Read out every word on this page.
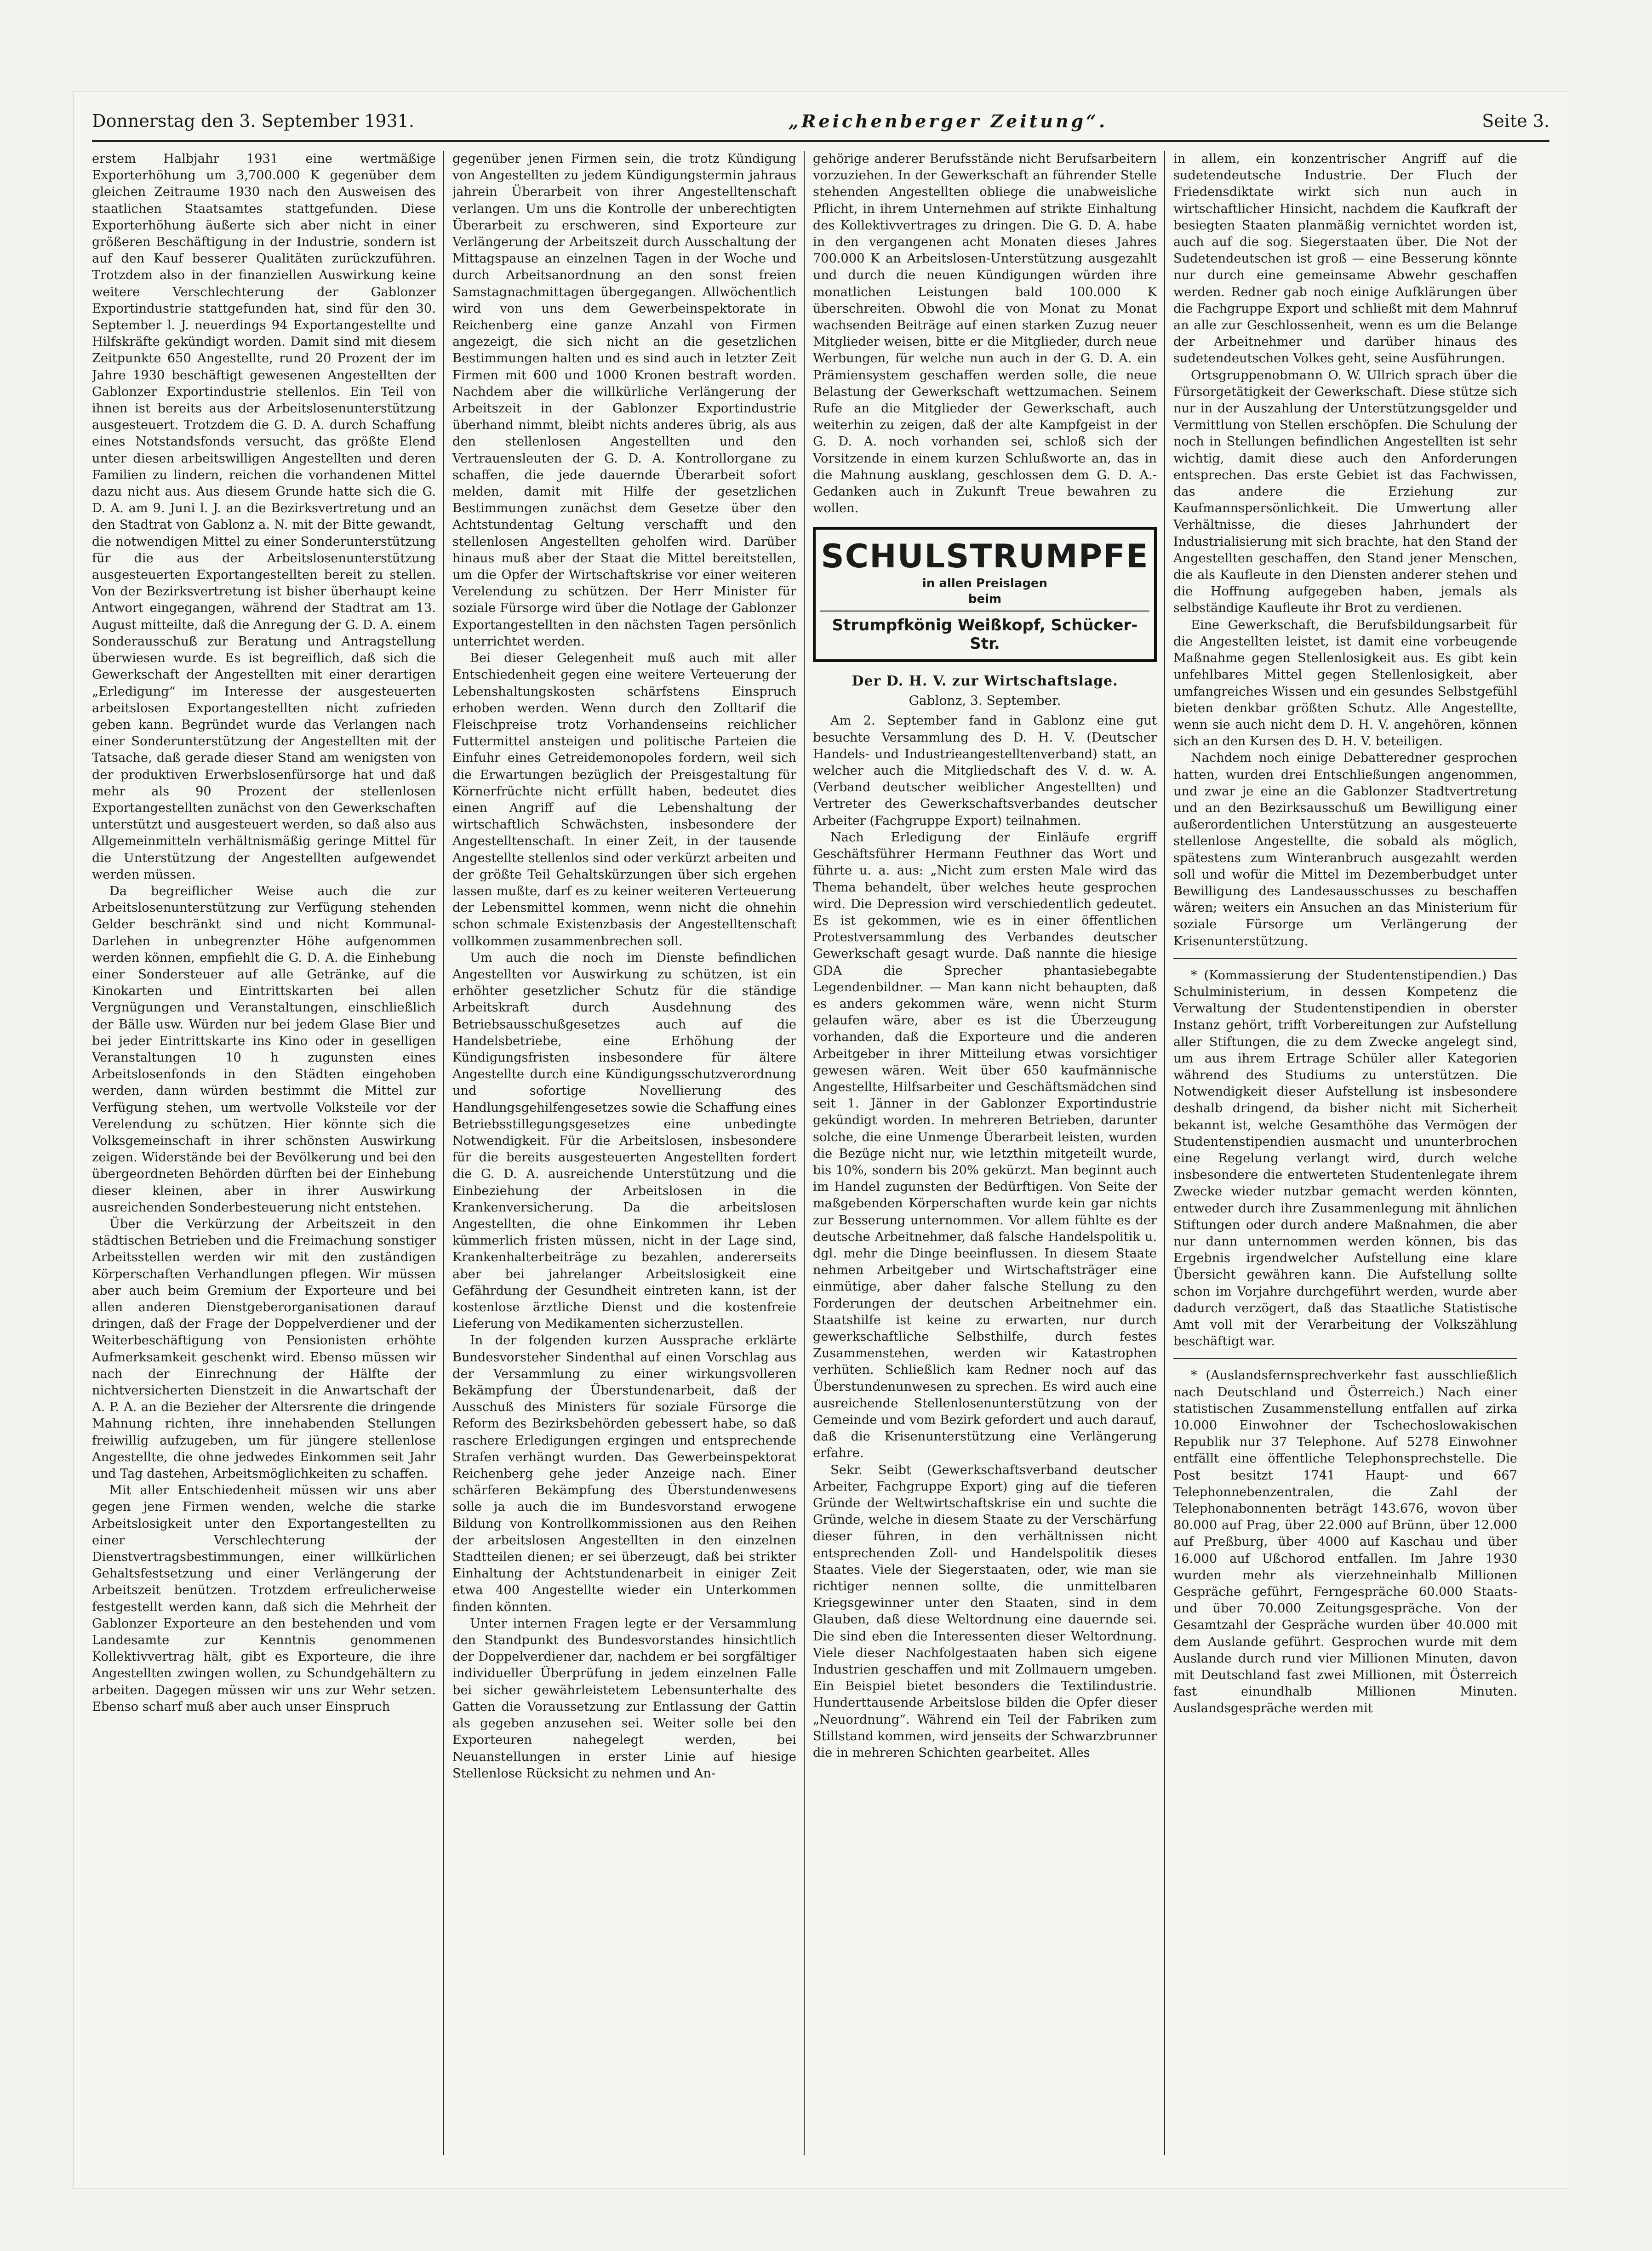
Donnerstag den 3. September 1931.	„Reichenberger Zeitung“.	Seite 3.

erstem Halbjahr 1931 eine wertmäßige Exporterhöhung um 3,700.000 K gegenüber dem gleichen Zeitraume 1930 nach den Ausweisen des staatlichen Staatsamtes stattgefunden. Diese Exporterhöhung äußerte sich aber nicht in einer größeren Beschäftigung in der Industrie, sondern ist auf den Kauf besserer Qualitäten zurückzuführen. Trotzdem also in der finanziellen Auswirkung keine weitere Verschlechterung der Gablonzer Exportindustrie stattgefunden hat, sind für den 30. September l. J. neuerdings 94 Exportangestellte und Hilfskräfte gekündigt worden. Damit sind mit diesem Zeitpunkte 650 Angestellte, rund 20 Prozent der im Jahre 1930 beschäftigt gewesenen Angestellten der Gablonzer Exportindustrie stellenlos. Ein Teil von ihnen ist bereits aus der Arbeitslosenunterstützung ausgesteuert. Trotzdem die G. D. A. durch Schaffung eines Notstandsfonds versucht, das größte Elend unter diesen arbeitswilligen Angestellten und deren Familien zu lindern, reichen die vorhandenen Mittel dazu nicht aus. Aus diesem Grunde hatte sich die G. D. A. am 9. Juni l. J. an die Bezirksvertretung und an den Stadtrat von Gablonz a. N. mit der Bitte gewandt, die notwendigen Mittel zu einer Sonderunterstützung für die aus der Arbeitslosenunterstützung ausgesteuerten Exportangestellten bereit zu stellen. Von der Bezirksvertretung ist bisher überhaupt keine Antwort eingegangen, während der Stadtrat am 13. August mitteilte, daß die Anregung der G. D. A. einem Sonderausschuß zur Beratung und Antragstellung überwiesen wurde. Es ist begreiflich, daß sich die Gewerkschaft der Angestellten mit einer derartigen „Erledigung“ im Interesse der ausgesteuerten arbeitslosen Exportangestellten nicht zufrieden geben kann. Begründet wurde das Verlangen nach einer Sonderunterstützung der Angestellten mit der Tatsache, daß gerade dieser Stand am wenigsten von der produktiven Erwerbslosenfürsorge hat und daß mehr als 90 Prozent der stellenlosen Exportangestellten zunächst von den Gewerkschaften unterstützt und ausgesteuert werden, so daß also aus Allgemeinmitteln verhältnismäßig geringe Mittel für die Unterstützung der Angestellten aufgewendet werden müssen.

Da begreiflicher Weise auch die zur Arbeitslosenunterstützung zur Verfügung stehenden Gelder beschränkt sind und nicht Kommunal-Darlehen in unbegrenzter Höhe aufgenommen werden können, empfiehlt die G. D. A. die Einhebung einer Sondersteuer auf alle Getränke, auf die Kinokarten und Eintrittskarten bei allen Vergnügungen und Veranstaltungen, einschließlich der Bälle usw. Würden nur bei jedem Glase Bier und bei jeder Eintrittskarte ins Kino oder in geselligen Veranstaltungen 10 h zugunsten eines Arbeitslosenfonds in den Städten eingehoben werden, dann würden bestimmt die Mittel zur Verfügung stehen, um wertvolle Volksteile vor der Verelendung zu schützen. Hier könnte sich die Volksgemeinschaft in ihrer schönsten Auswirkung zeigen. Widerstände bei der Bevölkerung und bei den übergeordneten Behörden dürften bei der Einhebung dieser kleinen, aber in ihrer Auswirkung ausreichenden Sonderbesteuerung nicht entstehen.

Über die Verkürzung der Arbeitszeit in den städtischen Betrieben und die Freimachung sonstiger Arbeitsstellen werden wir mit den zuständigen Körperschaften Verhandlungen pflegen. Wir müssen aber auch beim Gremium der Exporteure und bei allen anderen Dienstgeberorganisationen darauf dringen, daß der Frage der Doppelverdiener und der Weiterbeschäftigung von Pensionisten erhöhte Aufmerksamkeit geschenkt wird. Ebenso müssen wir nach der Einrechnung der Hälfte der nichtversicherten Dienstzeit in die Anwartschaft der A. P. A. an die Bezieher der Altersrente die dringende Mahnung richten, ihre innehabenden Stellungen freiwillig aufzugeben, um für jüngere stellenlose Angestellte, die ohne jedwedes Einkommen seit Jahr und Tag dastehen, Arbeitsmöglichkeiten zu schaffen.

Mit aller Entschiedenheit müssen wir uns aber gegen jene Firmen wenden, welche die starke Arbeitslosigkeit unter den Exportangestellten zu einer Verschlechterung der Dienstvertragsbestimmungen, einer willkürlichen Gehaltsfestsetzung und einer Verlängerung der Arbeitszeit benützen. Trotzdem erfreulicherweise festgestellt werden kann, daß sich die Mehrheit der Gablonzer Exporteure an den bestehenden und vom Landesamte zur Kenntnis genommenen Kollektivvertrag hält, gibt es Exporteure, die ihre Angestellten zwingen wollen, zu Schundgehältern zu arbeiten. Dagegen müssen wir uns zur Wehr setzen. Ebenso scharf muß aber auch unser Einspruch

gegenüber jenen Firmen sein, die trotz Kündigung von Angestellten zu jedem Kündigungstermin jahraus jahrein Überarbeit von ihrer Angestelltenschaft verlangen. Um uns die Kontrolle der unberechtigten Überarbeit zu erschweren, sind Exporteure zur Verlängerung der Arbeitszeit durch Ausschaltung der Mittagspause an einzelnen Tagen in der Woche und durch Arbeitsanordnung an den sonst freien Samstagnachmittagen übergegangen. Allwöchentlich wird von uns dem Gewerbeinspektorate in Reichenberg eine ganze Anzahl von Firmen angezeigt, die sich nicht an die gesetzlichen Bestimmungen halten und es sind auch in letzter Zeit Firmen mit 600 und 1000 Kronen bestraft worden. Nachdem aber die willkürliche Verlängerung der Arbeitszeit in der Gablonzer Exportindustrie überhand nimmt, bleibt nichts anderes übrig, als aus den stellenlosen Angestellten und den Vertrauensleuten der G. D. A. Kontrollorgane zu schaffen, die jede dauernde Überarbeit sofort melden, damit mit Hilfe der gesetzlichen Bestimmungen zunächst dem Gesetze über den Achtstundentag Geltung verschafft und den stellenlosen Angestellten geholfen wird. Darüber hinaus muß aber der Staat die Mittel bereitstellen, um die Opfer der Wirtschaftskrise vor einer weiteren Verelendung zu schützen. Der Herr Minister für soziale Fürsorge wird über die Notlage der Gablonzer Exportangestellten in den nächsten Tagen persönlich unterrichtet werden.

Bei dieser Gelegenheit muß auch mit aller Entschiedenheit gegen eine weitere Verteuerung der Lebenshaltungskosten schärfstens Einspruch erhoben werden. Wenn durch den Zolltarif die Fleischpreise trotz Vorhandenseins reichlicher Futtermittel ansteigen und politische Parteien die Einfuhr eines Getreidemonopoles fordern, weil sich die Erwartungen bezüglich der Preisgestaltung für Körnerfrüchte nicht erfüllt haben, bedeutet dies einen Angriff auf die Lebenshaltung der wirtschaftlich Schwächsten, insbesondere der Angestelltenschaft. In einer Zeit, in der tausende Angestellte stellenlos sind oder verkürzt arbeiten und der größte Teil Gehaltskürzungen über sich ergehen lassen mußte, darf es zu keiner weiteren Verteuerung der Lebensmittel kommen, wenn nicht die ohnehin schon schmale Existenzbasis der Angestelltenschaft vollkommen zusammenbrechen soll.

Um auch die noch im Dienste befindlichen Angestellten vor Auswirkung zu schützen, ist ein erhöhter gesetzlicher Schutz für die ständige Arbeitskraft durch Ausdehnung des Betriebsausschußgesetzes auch auf die Handelsbetriebe, eine Erhöhung der Kündigungsfristen insbesondere für ältere Angestellte durch eine Kündigungsschutzverordnung und sofortige Novellierung des Handlungsgehilfengesetzes sowie die Schaffung eines Betriebsstillegungsgesetzes eine unbedingte Notwendigkeit. Für die Arbeitslosen, insbesondere für die bereits ausgesteuerten Angestellten fordert die G. D. A. ausreichende Unterstützung und die Einbeziehung der Arbeitslosen in die Krankenversicherung. Da die arbeitslosen Angestellten, die ohne Einkommen ihr Leben kümmerlich fristen müssen, nicht in der Lage sind, Krankenhalterbeiträge zu bezahlen, andererseits aber bei jahrelanger Arbeitslosigkeit eine Gefährdung der Gesundheit eintreten kann, ist der kostenlose ärztliche Dienst und die kostenfreie Lieferung von Medikamenten sicherzustellen.

In der folgenden kurzen Aussprache erklärte Bundesvorsteher Sindenthal auf einen Vorschlag aus der Versammlung zu einer wirkungsvolleren Bekämpfung der Überstundenarbeit, daß der Ausschuß des Ministers für soziale Fürsorge die Reform des Bezirksbehörden gebessert habe, so daß raschere Erledigungen ergingen und entsprechende Strafen verhängt wurden. Das Gewerbeinspektorat Reichenberg gehe jeder Anzeige nach. Einer schärferen Bekämpfung des Überstundenwesens solle ja auch die im Bundesvorstand erwogene Bildung von Kontrollkommissionen aus den Reihen der arbeitslosen Angestellten in den einzelnen Stadtteilen dienen; er sei überzeugt, daß bei strikter Einhaltung der Achtstundenarbeit in einiger Zeit etwa 400 Angestellte wieder ein Unterkommen finden könnten.

Unter internen Fragen legte er der Versammlung den Standpunkt des Bundesvorstandes hinsichtlich der Doppelverdiener dar, nachdem er bei sorgfältiger individueller Überprüfung in jedem einzelnen Falle bei sicher gewährleistetem Lebensunterhalte des Gatten die Voraussetzung zur Entlassung der Gattin als gegeben anzusehen sei. Weiter solle bei den Exporteuren nahegelegt werden, bei Neuanstellungen in erster Linie auf hiesige Stellenlose Rücksicht zu nehmen und An-

gehörige anderer Berufsstände nicht Berufsarbeitern vorzuziehen. In der Gewerkschaft an führender Stelle stehenden Angestellten obliege die unabweisliche Pflicht, in ihrem Unternehmen auf strikte Einhaltung des Kollektivvertrages zu dringen. Die G. D. A. habe in den vergangenen acht Monaten dieses Jahres 700.000 K an Arbeitslosen-Unterstützung ausgezahlt und durch die neuen Kündigungen würden ihre monatlichen Leistungen bald 100.000 K überschreiten. Obwohl die von Monat zu Monat wachsenden Beiträge auf einen starken Zuzug neuer Mitglieder weisen, bitte er die Mitglieder, durch neue Werbungen, für welche nun auch in der G. D. A. ein Prämiensystem geschaffen werden solle, die neue Belastung der Gewerkschaft wettzumachen. Seinem Rufe an die Mitglieder der Gewerkschaft, auch weiterhin zu zeigen, daß der alte Kampfgeist in der G. D. A. noch vorhanden sei, schloß sich der Vorsitzende in einem kurzen Schlußworte an, das in die Mahnung ausklang, geschlossen dem G. D. A.-Gedanken auch in Zukunft Treue bewahren zu wollen.

SCHULSTRUMPFE
in allen Preislagen
beim
Strumpfkönig Weißkopf, Schücker-Str.
Der D. H. V. zur Wirtschaftslage.
Gablonz, 3. September.

Am 2. September fand in Gablonz eine gut besuchte Versammlung des D. H. V. (Deutscher Handels- und Industrieangestelltenverband) statt, an welcher auch die Mitgliedschaft des V. d. w. A. (Verband deutscher weiblicher Angestellten) und Vertreter des Gewerkschaftsverbandes deutscher Arbeiter (Fachgruppe Export) teilnahmen.

Nach Erledigung der Einläufe ergriff Geschäftsführer Hermann Feuthner das Wort und führte u. a. aus: „Nicht zum ersten Male wird das Thema behandelt, über welches heute gesprochen wird. Die Depression wird verschiedentlich gedeutet. Es ist gekommen, wie es in einer öffentlichen Protestversammlung des Verbandes deutscher Gewerkschaft gesagt wurde. Daß nannte die hiesige GDA die Sprecher phantasiebegabte Legendenbildner. — Man kann nicht behaupten, daß es anders gekommen wäre, wenn nicht Sturm gelaufen wäre, aber es ist die Überzeugung vorhanden, daß die Exporteure und die anderen Arbeitgeber in ihrer Mitteilung etwas vorsichtiger gewesen wären. Weit über 650 kaufmännische Angestellte, Hilfsarbeiter und Geschäftsmädchen sind seit 1. Jänner in der Gablonzer Exportindustrie gekündigt worden. In mehreren Betrieben, darunter solche, die eine Unmenge Überarbeit leisten, wurden die Bezüge nicht nur, wie letzthin mitgeteilt wurde, bis 10%, sondern bis 20% gekürzt. Man beginnt auch im Handel zugunsten der Bedürftigen. Von Seite der maßgebenden Körperschaften wurde kein gar nichts zur Besserung unternommen. Vor allem fühlte es der deutsche Arbeitnehmer, daß falsche Handelspolitik u. dgl. mehr die Dinge beeinflussen. In diesem Staate nehmen Arbeitgeber und Wirtschaftsträger eine einmütige, aber daher falsche Stellung zu den Forderungen der deutschen Arbeitnehmer ein. Staatshilfe ist keine zu erwarten, nur durch gewerkschaftliche Selbsthilfe, durch festes Zusammenstehen, werden wir Katastrophen verhüten. Schließlich kam Redner noch auf das Überstundenunwesen zu sprechen. Es wird auch eine ausreichende Stellenlosenunterstützung von der Gemeinde und vom Bezirk gefordert und auch darauf, daß die Krisenunterstützung eine Verlängerung erfahre.

Sekr. Seibt (Gewerkschaftsverband deutscher Arbeiter, Fachgruppe Export) ging auf die tieferen Gründe der Weltwirtschaftskrise ein und suchte die Gründe, welche in diesem Staate zu der Verschärfung dieser führen, in den verhältnissen nicht entsprechenden Zoll- und Handelspolitik dieses Staates. Viele der Siegerstaaten, oder, wie man sie richtiger nennen sollte, die unmittelbaren Kriegsgewinner unter den Staaten, sind in dem Glauben, daß diese Weltordnung eine dauernde sei. Die sind eben die Interessenten dieser Weltordnung. Viele dieser Nachfolgestaaten haben sich eigene Industrien geschaffen und mit Zollmauern umgeben. Ein Beispiel bietet besonders die Textilindustrie. Hunderttausende Arbeitslose bilden die Opfer dieser „Neuordnung“. Während ein Teil der Fabriken zum Stillstand kommen, wird jenseits der Schwarzbrunner die in mehreren Schichten gearbeitet. Alles

in allem, ein konzentrischer Angriff auf die sudetendeutsche Industrie. Der Fluch der Friedensdiktate wirkt sich nun auch in wirtschaftlicher Hinsicht, nachdem die Kaufkraft der besiegten Staaten planmäßig vernichtet worden ist, auch auf die sog. Siegerstaaten über. Die Not der Sudetendeutschen ist groß — eine Besserung könnte nur durch eine gemeinsame Abwehr geschaffen werden. Redner gab noch einige Aufklärungen über die Fachgruppe Export und schließt mit dem Mahnruf an alle zur Geschlossenheit, wenn es um die Belange der Arbeitnehmer und darüber hinaus des sudetendeutschen Volkes geht, seine Ausführungen.

Ortsgruppenobmann O. W. Ullrich sprach über die Fürsorgetätigkeit der Gewerkschaft. Diese stütze sich nur in der Auszahlung der Unterstützungsgelder und Vermittlung von Stellen erschöpfen. Die Schulung der noch in Stellungen befindlichen Angestellten ist sehr wichtig, damit diese auch den Anforderungen entsprechen. Das erste Gebiet ist das Fachwissen, das andere die Erziehung zur Kaufmannspersönlichkeit. Die Umwertung aller Verhältnisse, die dieses Jahrhundert der Industrialisierung mit sich brachte, hat den Stand der Angestellten geschaffen, den Stand jener Menschen, die als Kaufleute in den Diensten anderer stehen und die Hoffnung aufgegeben haben, jemals als selbständige Kaufleute ihr Brot zu verdienen.

Eine Gewerkschaft, die Berufsbildungsarbeit für die Angestellten leistet, ist damit eine vorbeugende Maßnahme gegen Stellenlosigkeit aus. Es gibt kein unfehlbares Mittel gegen Stellenlosigkeit, aber umfangreiches Wissen und ein gesundes Selbstgefühl bieten denkbar größten Schutz. Alle Angestellte, wenn sie auch nicht dem D. H. V. angehören, können sich an den Kursen des D. H. V. beteiligen.

Nachdem noch einige Debatteredner gesprochen hatten, wurden drei Entschließungen angenommen, und zwar je eine an die Gablonzer Stadtvertretung und an den Bezirksausschuß um Bewilligung einer außerordentlichen Unterstützung an ausgesteuerte stellenlose Angestellte, die sobald als möglich, spätestens zum Winteranbruch ausgezahlt werden soll und wofür die Mittel im Dezemberbudget unter Bewilligung des Landesausschusses zu beschaffen wären; weiters ein Ansuchen an das Ministerium für soziale Fürsorge um Verlängerung der Krisenunterstützung.

* (Kommassierung der Studentenstipendien.) Das Schulministerium, in dessen Kompetenz die Verwaltung der Studentenstipendien in oberster Instanz gehört, trifft Vorbereitungen zur Aufstellung aller Stiftungen, die zu dem Zwecke angelegt sind, um aus ihrem Ertrage Schüler aller Kategorien während des Studiums zu unterstützen. Die Notwendigkeit dieser Aufstellung ist insbesondere deshalb dringend, da bisher nicht mit Sicherheit bekannt ist, welche Gesamthöhe das Vermögen der Studentenstipendien ausmacht und ununterbrochen eine Regelung verlangt wird, durch welche insbesondere die entwerteten Studentenlegate ihrem Zwecke wieder nutzbar gemacht werden könnten, entweder durch ihre Zusammenlegung mit ähnlichen Stiftungen oder durch andere Maßnahmen, die aber nur dann unternommen werden können, bis das Ergebnis irgendwelcher Aufstellung eine klare Übersicht gewähren kann. Die Aufstellung sollte schon im Vorjahre durchgeführt werden, wurde aber dadurch verzögert, daß das Staatliche Statistische Amt voll mit der Verarbeitung der Volkszählung beschäftigt war.

* (Auslandsfernsprechverkehr fast ausschließlich nach Deutschland und Österreich.) Nach einer statistischen Zusammenstellung entfallen auf zirka 10.000 Einwohner der Tschechoslowakischen Republik nur 37 Telephone. Auf 5278 Einwohner entfällt eine öffentliche Telephonsprechstelle. Die Post besitzt 1741 Haupt- und 667 Telephonnebenzentralen, die Zahl der Telephonabonnenten beträgt 143.676, wovon über 80.000 auf Prag, über 22.000 auf Brünn, über 12.000 auf Preßburg, über 4000 auf Kaschau und über 16.000 auf Ußchorod entfallen. Im Jahre 1930 wurden mehr als vierzehneinhalb Millionen Gespräche geführt, Ferngespräche 60.000 Staats- und über 70.000 Zeitungsgespräche. Von der Gesamtzahl der Gespräche wurden über 40.000 mit dem Auslande geführt. Gesprochen wurde mit dem Auslande durch rund vier Millionen Minuten, davon mit Deutschland fast zwei Millionen, mit Österreich fast einundhalb Millionen Minuten. Auslandsgespräche werden mit
